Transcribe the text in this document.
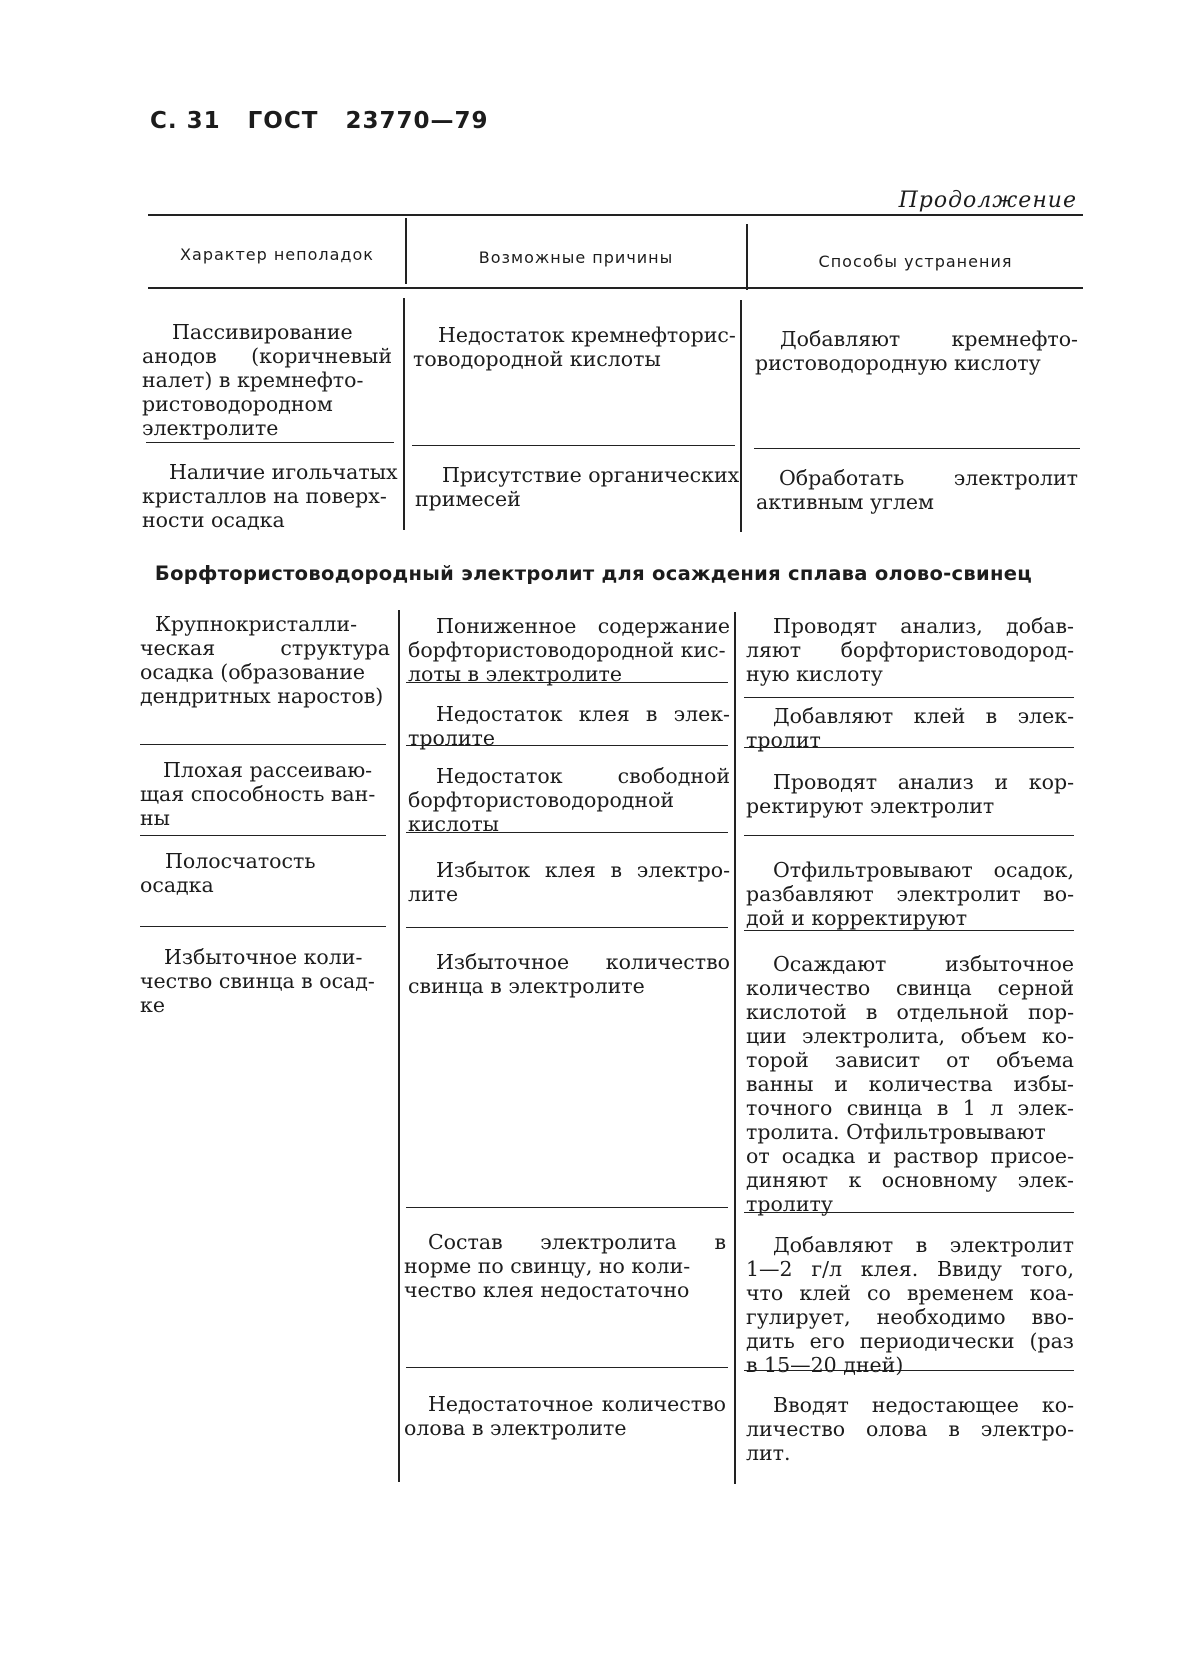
С. 31 ГОСТ 23770—79
Продолжение
Характер неполадок	Возможные причины	Способы устранения
Пассивирование
анодов (коричневый
налет) в кремнефто-
ристоводородном
электролите
Недостаток кремнефторис-
товодородной кислоты
Добавляют кремнефто-
ристоводородную кислоту
Наличие игольчатых
кристаллов на поверх-
ности осадка
Присутствие органических
примесей
Обработать электролит
активным углем
Борфтористоводородный электролит для осаждения сплава олово-свинец
Крупнокристалли-
ческая структура
осадка (образование
дендритных наростов)
Плохая рассеиваю-
щая способность ван-
ны
Полосчатость
осадка
Избыточное коли-
чество свинца в осад-
ке
Пониженное содержание
борфтористоводородной кис-
лоты в электролите
Недостаток клея в элек-
тролите
Недостаток свободной
борфтористоводородной
кислоты
Избыток клея в электро-
лите
Избыточное количество
свинца в электролите
Состав электролита в
норме по свинцу, но коли-
чество клея недостаточно
Недостаточное количество
олова в электролите
Проводят анализ, добав-
ляют борфтористоводород-
ную кислоту
Добавляют клей в элек-
тролит
Проводят анализ и кор-
ректируют электролит
Отфильтровывают осадок,
разбавляют электролит во-
дой и корректируют
Осаждают избыточное
количество свинца серной
кислотой в отдельной пор-
ции электролита, объем ко-
торой зависит от объема
ванны и количества избы-
точного свинца в 1 л элек-
тролита. Отфильтровывают
от осадка и раствор присое-
диняют к основному элек-
тролиту
Добавляют в электролит
1—2 г/л клея. Ввиду того,
что клей со временем коа-
гулирует, необходимо вво-
дить его периодически (раз
в 15—20 дней)
Вводят недостающее ко-
личество олова в электро-
лит.
